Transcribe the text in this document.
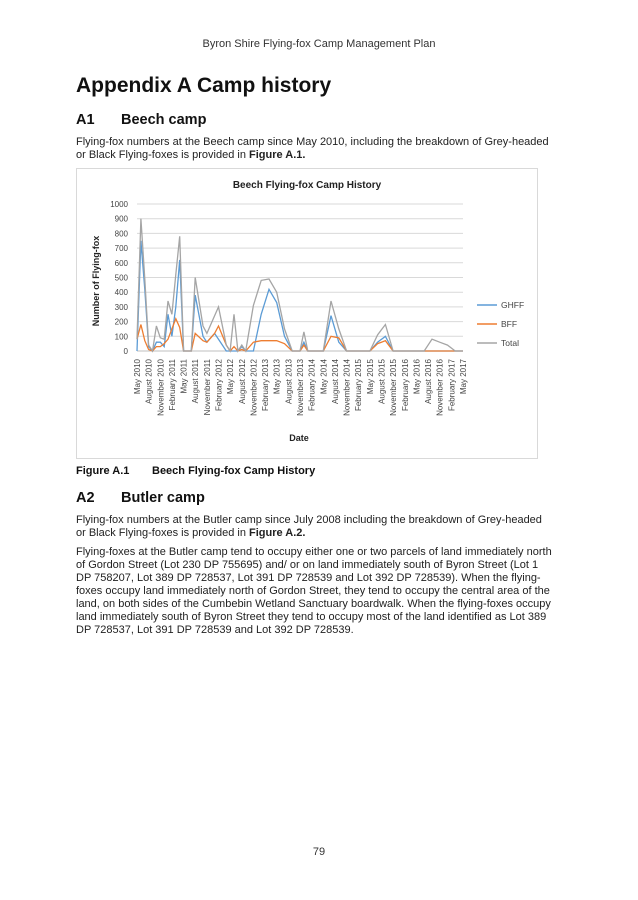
Byron Shire Flying-fox Camp Management Plan
Appendix A Camp history
A1 Beech camp
Flying-fox numbers at the Beech camp since May 2010, including the breakdown of Grey-headed or Black Flying-foxes is provided in Figure A.1.
0
100
200
300
400
500
600
700
800
900
1000
May 2010 August 2010 November 2010 February 2011 May 2011 August 2011 November 2011 February 2012 May 2012 August 2012 November 2012 February 2013 May 2013 August 2013 November 2013 February 2014 May 2014 August 2014 November 2014 February 2015 May 2015 August 2015 November 2015 February 2016 May 2016 August 2016 November 2016 February 2017 May 2017
GHFF
BFF
Total
Beech Flying-fox Camp History
Number of Flying-fox
Date
Figure A.1 Beech Flying-fox Camp History
A2 Butler camp
Flying-fox numbers at the Butler camp since July 2008 including the breakdown of Grey-headed or Black Flying-foxes is provided in Figure A.2.
Flying-foxes at the Butler camp tend to occupy either one or two parcels of land immediately north of Gordon Street (Lot 230 DP 755695) and/ or on land immediately south of Byron Street (Lot 1 DP 758207, Lot 389 DP 728537, Lot 391 DP 728539 and Lot 392 DP 728539). When the flying-foxes occupy land immediately north of Gordon Street, they tend to occupy the central area of the land, on both sides of the Cumbebin Wetland Sanctuary boardwalk. When the flying-foxes occupy land immediately south of Byron Street they tend to occupy most of the land identified as Lot 389 DP 728537, Lot 391 DP 728539 and Lot 392 DP 728539.
79
